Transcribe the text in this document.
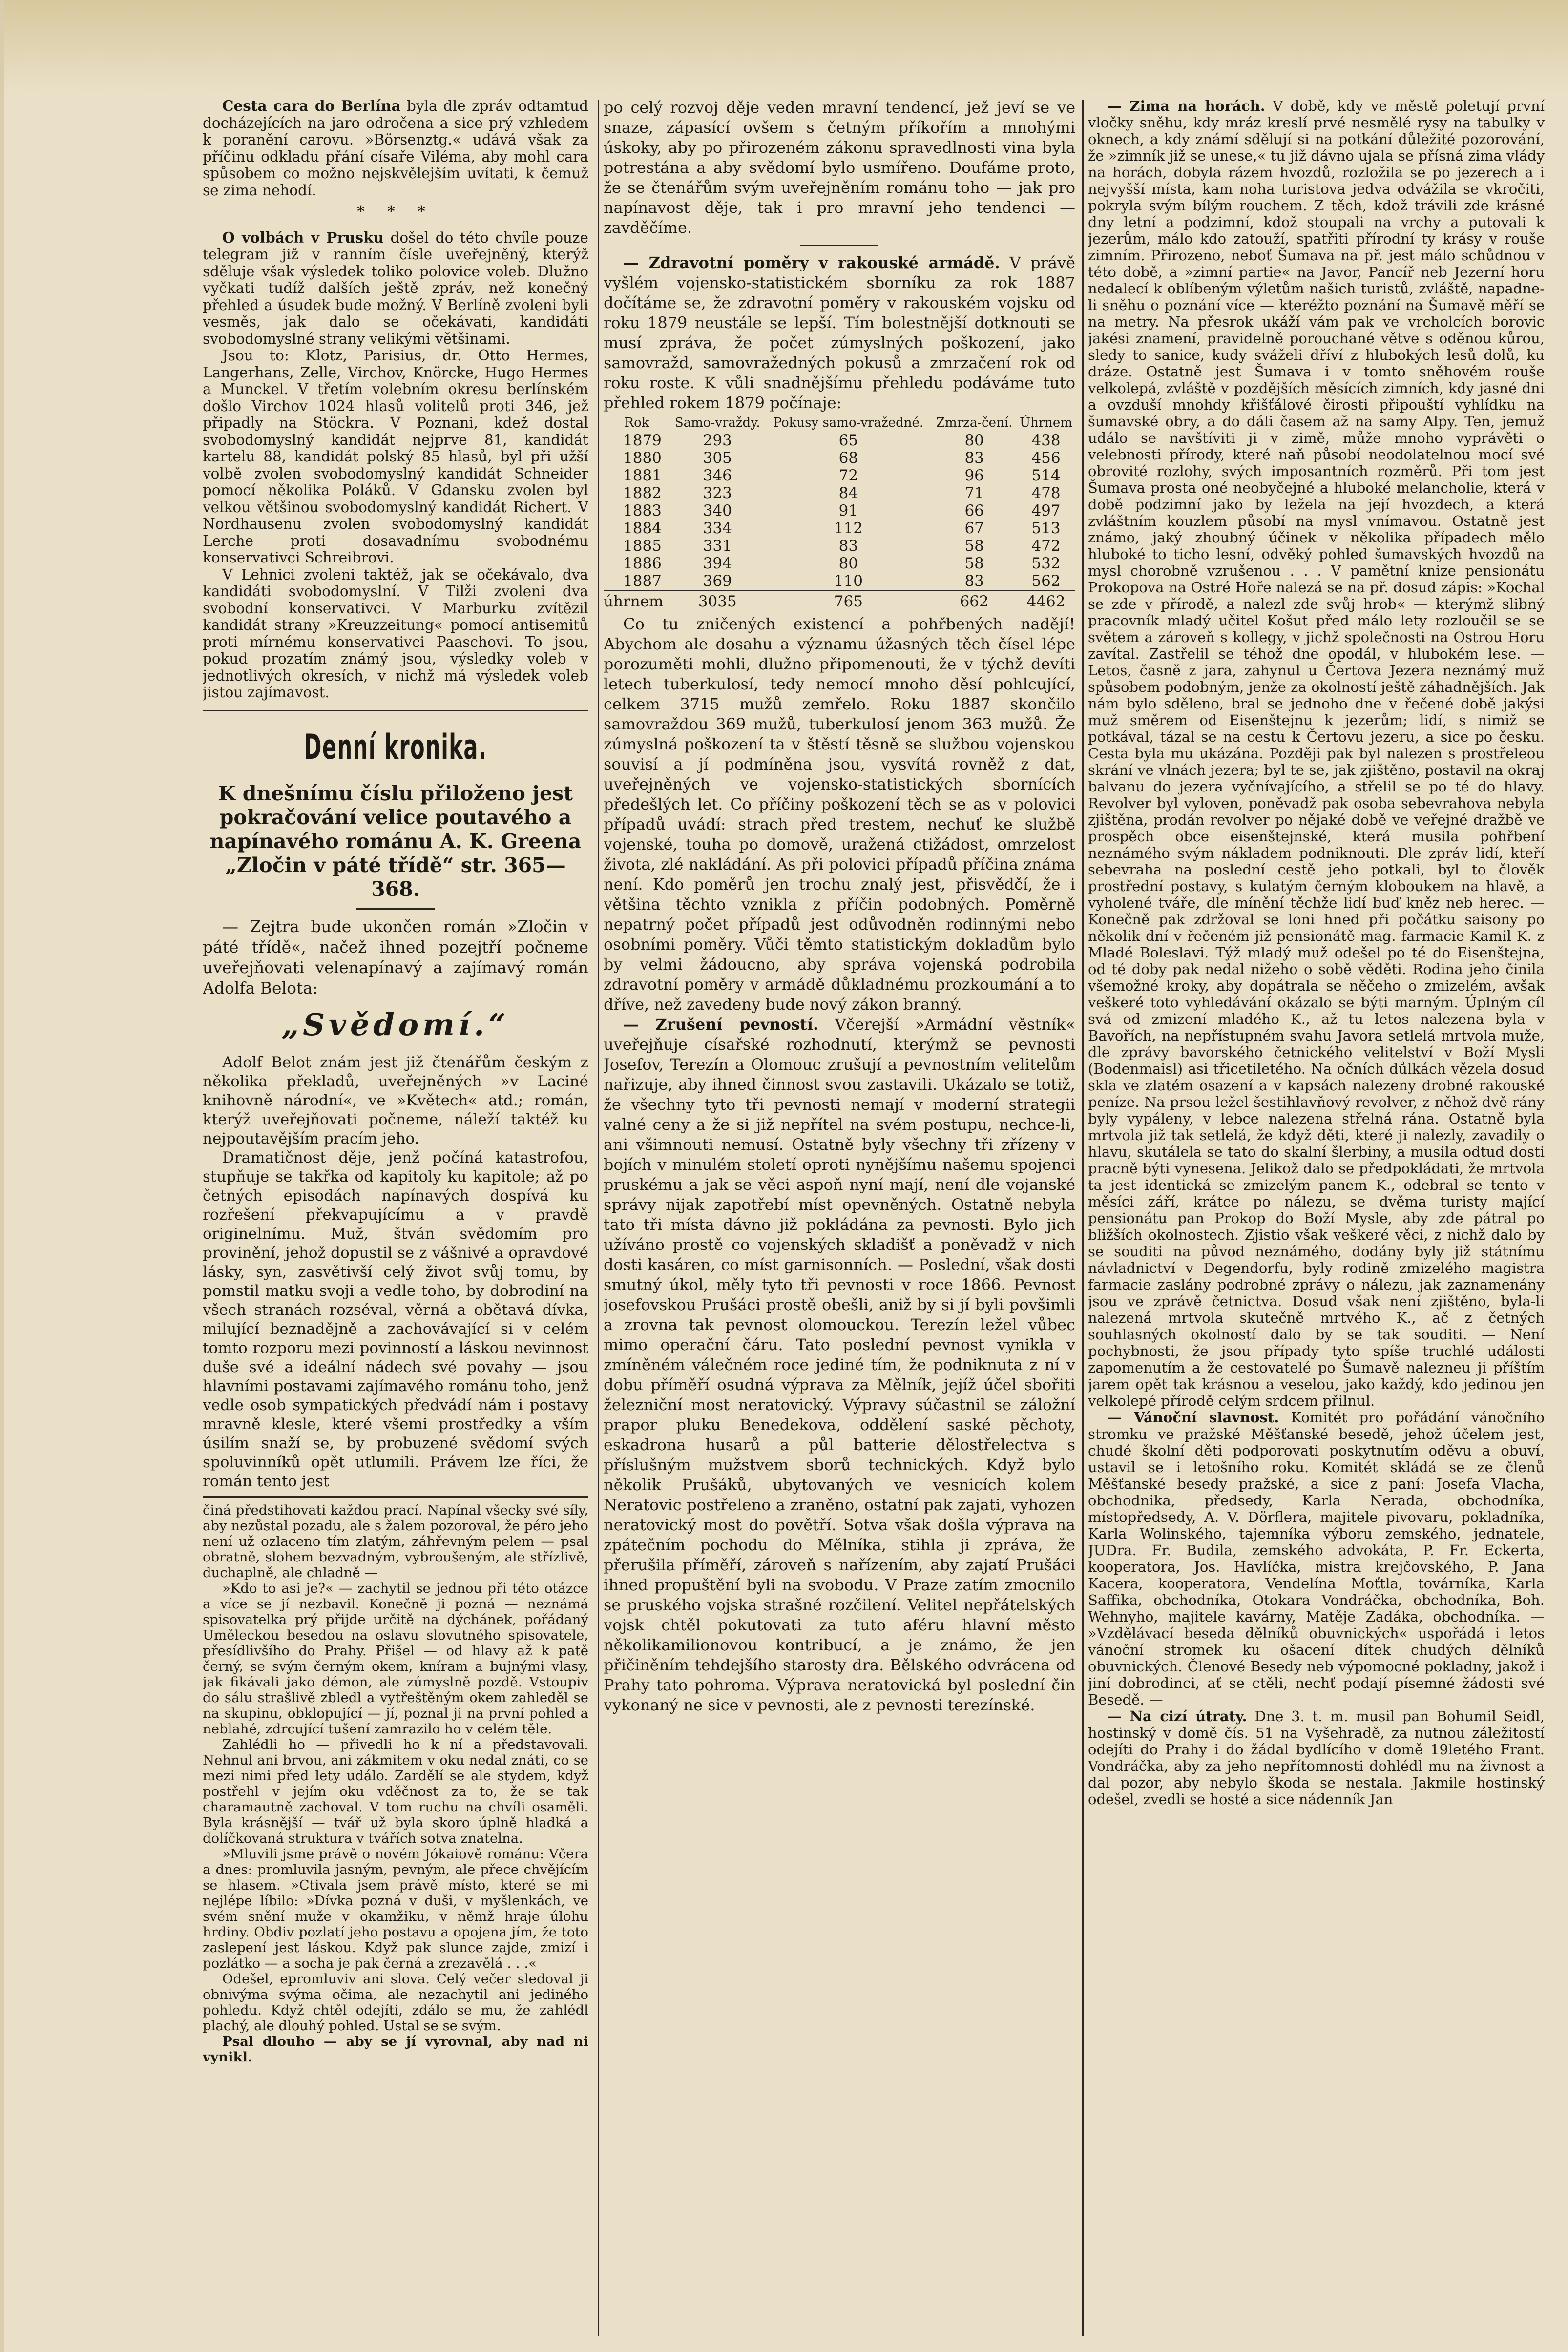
Cesta cara do Berlína byla dle zpráv odtamtud docházejících na jaro odročena a sice prý vzhledem k poranění carovu. »Börsenztg.« udává však za příčinu odkladu přání císaře Viléma, aby mohl cara spůsobem co možno nejskvělejším uvítati, k čemuž se zima nehodí.

* * *

O volbách v Prusku došel do této chvíle pouze telegram již v ranním čísle uveřejněný, kterýž sděluje však výsledek toliko polovice voleb. Dlužno vyčkati tudíž dalších ještě zpráv, než konečný přehled a úsudek bude možný. V Berlíně zvoleni byli vesměs, jak dalo se očekávati, kandidáti svobodomyslné strany velikými většinami.

Jsou to: Klotz, Parisius, dr. Otto Hermes, Langerhans, Zelle, Virchov, Knörcke, Hugo Hermes a Munckel. V třetím volebním okresu berlínském došlo Virchov 1024 hlasů volitelů proti 346, jež připadly na Stöckra. V Poznani, kdež dostal svobodomyslný kandidát nejprve 81, kandidát kartelu 88, kandidát polský 85 hlasů, byl při užší volbě zvolen svobodomyslný kandidát Schneider pomocí několika Poláků. V Gdansku zvolen byl velkou většinou svobodomyslný kandidát Richert. V Nordhausenu zvolen svobodomyslný kandidát Lerche proti dosavadnímu svobodnému konservativci Schreibrovi.

V Lehnici zvoleni taktéž, jak se očekávalo, dva kandidáti svobodomyslní. V Tilži zvoleni dva svobodní konservativci. V Marburku zvítězil kandidát strany »Kreuzzeitung« pomocí antisemitů proti mírnému konservativci Paaschovi. To jsou, pokud prozatím známý jsou, výsledky voleb v jednotlivých okresích, v nichž má výsledek voleb jistou zajímavost.

Denní kronika.

K dnešnímu číslu přiloženo jest pokračování velice poutavého a napínavého románu A. K. Greena „Zločin v páté třídě“ str. 365—368.

— Zejtra bude ukončen román »Zločin v páté třídě«, načež ihned pozejtří počneme uveřejňovati velenapínavý a zajímavý román Adolfa Belota:

„Svědomí.“

Adolf Belot znám jest již čtenářům českým z několika překladů, uveřejněných »v Laciné knihovně národní«, ve »Květech« atd.; román, kterýž uveřejňovati počneme, náleží taktéž ku nejpoutavějším pracím jeho.

Dramatičnost děje, jenž počíná katastrofou, stupňuje se takřka od kapitoly ku kapitole; až po četných episodách napínavých dospívá ku rozřešení překvapujícímu a v pravdě originelnímu. Muž, štván svědomím pro provinění, jehož dopustil se z vášnivé a opravdové lásky, syn, zasvětivší celý život svůj tomu, by pomstil matku svoji a vedle toho, by dobrodiní na všech stranách rozséval, věrná a obětavá dívka, milující beznadějně a zachovávající si v celém tomto rozporu mezi povinností a láskou nevinnost duše své a ideální nádech své povahy — jsou hlavními postavami zajímavého románu toho, jenž vedle osob sympatických předvádí nám i postavy mravně klesle, které všemi prostředky a vším úsilím snaží se, by probuzené svědomí svých spoluvinníků opět utlumili. Právem lze říci, že román tento jest

činá předstihovati každou prací. Napínal všecky své síly, aby nezůstal pozadu, ale s žalem pozoroval, že péro jeho není už ozlaceno tím zlatým, záhřevným pelem — psal obratně, slohem bezvadným, vybroušeným, ale střízlivě, duchaplně, ale chladně —

»Kdo to asi je?« — zachytil se jednou při této otázce a více se jí nezbavil. Konečně ji pozná — neznámá spisovatelka prý přijde určitě na dýchánek, pořádaný Uměleckou besedou na oslavu slovutného spisovatele, přesídlivšího do Prahy. Přišel — od hlavy až k patě černý, se svým černým okem, kníram a bujnými vlasy, jak fikávali jako démon, ale zúmyslně pozdě. Vstoupiv do sálu strašlivě zbledl a vytřeštěným okem zahleděl se na skupinu, obklopující — jí, poznal ji na první pohled a neblahé, zdrcující tušení zamrazilo ho v celém těle.

Zahlédli ho — přivedli ho k ní a představovali. Nehnul ani brvou, ani zákmitem v oku nedal znáti, co se mezi nimi před lety událo. Zardělí se ale stydem, když postřehl v jejím oku vděčnost za to, že se tak charamautně zachoval. V tom ruchu na chvíli osaměli. Byla krásnější — tvář už byla skoro úplně hladká a dolíčkovaná struktura v tvářích sotva znatelna.

»Mluvili jsme právě o novém Jókaiově románu: Včera a dnes: promluvila jasným, pevným, ale přece chvějícím se hlasem. »Ctivala jsem právě místo, které se mi nejlépe líbilo: »Dívka pozná v duši, v myšlenkách, ve svém snění muže v okamžiku, v němž hraje úlohu hrdiny. Obdiv pozlatí jeho postavu a opojena jím, že toto zaslepení jest láskou. Když pak slunce zajde, zmizí i pozlátko — a socha je pak černá a zrezavělá . . .«

Odešel, epromluviv ani slova. Celý večer sledoval ji obnivýma svýma očima, ale nezachytil ani jediného pohledu. Když chtěl odejíti, zdálo se mu, že zahlédl plachý, ale dlouhý pohled. Ustal se se svým.

Psal dlouho — aby se jí vyrovnal, aby nad ni vynikl.

po celý rozvoj děje veden mravní tendencí, jež jeví se ve snaze, zápasící ovšem s četným příkořím a mnohými úskoky, aby po přirozeném zákonu spravedlnosti vina byla potrestána a aby svědomí bylo usmířeno. Doufáme proto, že se čtenářům svým uveřejněním románu toho — jak pro napínavost děje, tak i pro mravní jeho tendenci — zavděčíme.

— Zdravotní poměry v rakouské armádě. V právě vyšlém vojensko-statistickém sborníku za rok 1887 dočítáme se, že zdravotní poměry v rakouském vojsku od roku 1879 neustále se lepší. Tím bolestnější dotknouti se musí zpráva, že počet zúmyslných poškození, jako samovražd, samovražedných pokusů a zmrzačení rok od roku roste. K vůli snadnějšímu přehledu podáváme tuto přehled rokem 1879 počínaje:

Rok	Samo-vraždy.	Pokusy samo-vražedné.	Zmrza-čení.	Úhrnem
1879	293	65	80	438
1880	305	68	83	456
1881	346	72	96	514
1882	323	84	71	478
1883	340	91	66	497
1884	334	112	67	513
1885	331	83	58	472
1886	394	80	58	532
1887	369	110	83	562
úhrnem	3035	765	662	4462

Co tu zničených existencí a pohřbených nadějí! Abychom ale dosahu a významu úžasných těch čísel lépe porozuměti mohli, dlužno připomenouti, že v týchž devíti letech tuberkulosí, tedy nemocí mnoho děsí pohlcující, celkem 3715 mužů zemřelo. Roku 1887 skončilo samovraždou 369 mužů, tuberkulosí jenom 363 mužů. Že zúmyslná poškození ta v štěstí těsně se službou vojenskou souvisí a jí podmíněna jsou, vysvítá rovněž z dat, uveřejněných ve vojensko-statistických sbornících předešlých let. Co příčiny poškození těch se as v polovici případů uvádí: strach před trestem, nechuť ke službě vojenské, touha po domově, uražená ctižádost, omrzelost života, zlé nakládání. As při polovici případů příčina známa není. Kdo poměrů jen trochu znalý jest, přisvědčí, že i většina těchto vznikla z příčin podobných. Poměrně nepatrný počet případů jest odůvodněn rodinnými nebo osobními poměry. Vůči těmto statistickým dokladům bylo by velmi žádoucno, aby správa vojenská podrobila zdravotní poměry v armádě důkladnému prozkoumání a to dříve, než zavedeny bude nový zákon branný.

— Zrušení pevností. Včerejší »Armádní věstník« uveřejňuje císařské rozhodnutí, kterýmž se pevnosti Josefov, Terezín a Olomouc zrušují a pevnostním velitelům nařizuje, aby ihned činnost svou zastavili. Ukázalo se totiž, že všechny tyto tři pevnosti nemají v moderní strategii valné ceny a že si již nepřítel na svém postupu, nechce-li, ani všimnouti nemusí. Ostatně byly všechny tři zřízeny v bojích v minulém století oproti nynějšímu našemu spojenci pruskému a jak se věci aspoň nyní mají, není dle vojanské správy nijak zapotřebí míst opevněných. Ostatně nebyla tato tři místa dávno již pokládána za pevnosti. Bylo jich užíváno prostě co vojenských skladišť a poněvadž v nich dosti kasáren, co míst garnisonních. — Poslední, však dosti smutný úkol, měly tyto tři pevnosti v roce 1866. Pevnost josefovskou Prušáci prostě obešli, aniž by si jí byli povšimli a zrovna tak pevnost olomouckou. Terezín ležel vůbec mimo operační čáru. Tato poslední pevnost vynikla v zmíněném válečném roce jediné tím, že podniknuta z ní v dobu příměří osudná výprava za Mělník, jejíž účel sbořiti železniční most neratovický. Výpravy súčastnil se záložní prapor pluku Benedekova, oddělení saské pěchoty, eskadrona husarů a půl batterie dělostřelectva s příslušným mužstvem sborů technických. Když bylo několik Prušáků, ubytovaných ve vesnicích kolem Neratovic postřeleno a zraněno, ostatní pak zajati, vyhozen neratovický most do povětří. Sotva však došla výprava na zpátečním pochodu do Mělníka, stihla ji zpráva, že přerušila příměří, zároveň s nařízením, aby zajatí Prušáci ihned propuštění byli na svobodu. V Praze zatím zmocnilo se pruského vojska strašné rozčilení. Velitel nepřátelských vojsk chtěl pokutovati za tuto aféru hlavní město několikamilionovou kontribucí, a je známo, že jen přičiněním tehdejšího starosty dra. Bělského odvrácena od Prahy tato pohroma. Výprava neratovická byl poslední čin vykonaný ne sice v pevnosti, ale z pevnosti terezínské.

— Zima na horách. V době, kdy ve městě poletují první vločky sněhu, kdy mráz kreslí prvé nesmělé rysy na tabulky v oknech, a kdy známí sdělují si na potkání důležité pozorování, že »zimník již se unese,« tu již dávno ujala se přísná zima vlády na horách, dobyla rázem hvozdů, rozložila se po jezerech a i nejvyšší místa, kam noha turistova jedva odvážila se vkročiti, pokryla svým bílým rouchem. Z těch, kdož trávili zde krásné dny letní a podzimní, kdož stoupali na vrchy a putovali k jezerům, málo kdo zatouží, spatřiti přírodní ty krásy v rouše zimním. Přirozeno, neboť Šumava na př. jest málo schůdnou v této době, a »zimní partie« na Javor, Pancíř neb Jezerní horu nedalecí k oblíbeným výletům našich turistů, zvláště, napadne-li sněhu o poznání více — kteréžto poznání na Šumavě měří se na metry. Na přesrok ukáží vám pak ve vrcholcích borovic jakési znamení, pravidelně porouchané větve s oděnou kůrou, sledy to sanice, kudy sváželi dříví z hlubokých lesů dolů, ku dráze. Ostatně jest Šumava i v tomto sněhovém rouše velkolepá, zvláště v pozdějších měsících zimních, kdy jasné dni a ovzduší mnohdy křišťálové čirosti připouští vyhlídku na šumavské obry, a do dáli časem až na samy Alpy. Ten, jemuž událo se navštíviti ji v zimě, může mnoho vyprávěti o velebnosti přírody, které naň působí neodolatelnou mocí své obrovité rozlohy, svých imposantních rozměrů. Při tom jest Šumava prosta oné neobyčejné a hluboké melancholie, která v době podzimní jako by ležela na její hvozdech, a která zvláštním kouzlem působí na mysl vnímavou. Ostatně jest známo, jaký zhoubný účinek v několika případech mělo hluboké to ticho lesní, odvěký pohled šumavských hvozdů na mysl chorobně vzrušenou . . . V pamětní knize pensionátu Prokopova na Ostré Hoře nalezá se na př. dosud zápis: »Kochal se zde v přírodě, a nalezl zde svůj hrob« — kterýmž slibný pracovník mladý učitel Košut před málo lety rozloučil se se světem a zároveň s kollegy, v jichž společnosti na Ostrou Horu zavítal. Zastřelil se téhož dne opodál, v hlubokém lese. — Letos, časně z jara, zahynul u Čertova Jezera neznámý muž spůsobem podobným, jenže za okolností ještě záhadnějších. Jak nám bylo sděleno, bral se jednoho dne v řečené době jakýsi muž směrem od Eisenštejnu k jezerům; lidí, s nimiž se potkával, tázal se na cestu k Čertovu jezeru, a sice po česku. Cesta byla mu ukázána. Později pak byl nalezen s prostřeleou skrání ve vlnách jezera; byl te se, jak zjištěno, postavil na okraj balvanu do jezera vyčnívajícího, a střelil se po té do hlavy. Revolver byl vyloven, poněvadž pak osoba sebevrahova nebyla zjištěna, prodán revolver po nějaké době ve veřejné dražbě ve prospěch obce eisenštejnské, která musila pohřbení neznámého svým nákladem podniknouti. Dle zpráv lidí, kteří sebevraha na poslední cestě jeho potkali, byl to člověk prostřední postavy, s kulatým černým kloboukem na hlavě, a vyholené tváře, dle mínění těchže lidí buď kněz neb herec. — Konečně pak zdržoval se loni hned při počátku saisony po několik dní v řečeném již pensionátě mag. farmacie Kamil K. z Mladé Boleslavi. Týž mladý muž odešel po té do Eisenštejna, od té doby pak nedal nižeho o sobě věděti. Rodina jeho činila všemožné kroky, aby dopátrala se něčeho o zmizelém, avšak veškeré toto vyhledávání okázalo se býti marným. Úplným cíl svá od zmizení mladého K., až tu letos nalezena byla v Bavořích, na nepřístupném svahu Javora setlelá mrtvola muže, dle zprávy bavorského četnického velitelství v Boží Mysli (Bodenmaisl) asi třicetiletého. Na očních důlkách vězela dosud skla ve zlatém osazení a v kapsách nalezeny drobné rakouské peníze. Na prsou ležel šestihlavňový revolver, z něhož dvě rány byly vypáleny, v lebce nalezena střelná rána. Ostatně byla mrtvola již tak setlelá, že když děti, které ji nalezly, zavadily o hlavu, skutálela se tato do skalní šlerbiny, a musila odtud dosti pracně býti vynesena. Jelikož dalo se předpokládati, že mrtvola ta jest identická se zmizelým panem K., odebral se tento v měsíci září, krátce po nálezu, se dvěma turisty mající pensionátu pan Prokop do Boží Mysle, aby zde pátral po bližších okolnostech. Zjistio však veškeré věci, z nichž dalo by se souditi na původ neznámého, dodány byly již státnímu návladnictví v Degendorfu, byly rodině zmizelého magistra farmacie zaslány podrobné zprávy o nálezu, jak zaznamenány jsou ve zprávě četnictva. Dosud však není zjištěno, byla-li nalezená mrtvola skutečně mrtvého K., ač z četných souhlasných okolností dalo by se tak souditi. — Není pochybnosti, že jsou případy tyto spíše truchlé události zapomenutím a že cestovatelé po Šumavě nalezneu ji příštím jarem opět tak krásnou a veselou, jako každý, kdo jedinou jen velkolepé přírodě celým srdcem přilnul.

— Vánoční slavnost. Komitét pro pořádání vánočního stromku ve pražské Měšťanské besedě, jehož účelem jest, chudé školní děti podporovati poskytnutím oděvu a obuví, ustavil se i letošního roku. Komitét skládá se ze členů Měšťanské besedy pražské, a sice z paní: Josefa Vlacha, obchodnika, předsedy, Karla Nerada, obchodníka, místopředsedy, A. V. Dörflera, majitele pivovaru, pokladníka, Karla Wolinského, tajemníka výboru zemského, jednatele, JUDra. Fr. Budila, zemského advokáta, P. Fr. Eckerta, kooperatora, Jos. Havlíčka, mistra krejčovského, P. Jana Kacera, kooperatora, Vendelína Moťtla, továrníka, Karla Saffika, obchodníka, Otokara Vondráčka, obchodníka, Boh. Wehnyho, majitele kavárny, Matěje Zadáka, obchodníka. — »Vzdělávací beseda dělníků obuvnických« uspořádá i letos vánoční stromek ku ošacení dítek chudých dělníků obuvnických. Členové Besedy neb výpomocné pokladny, jakož i jiní dobrodinci, ať se ctěli, nechť podají písemné žádosti své Besedě. —

— Na cizí útraty. Dne 3. t. m. musil pan Bohumil Seidl, hostinský v domě čís. 51 na Vyšehradě, za nutnou záležitostí odejíti do Prahy i do žádal bydlícího v domě 19letého Frant. Vondráčka, aby za jeho nepřítomnosti dohlédl mu na živnost a dal pozor, aby nebylo škoda se nestala. Jakmile hostinský odešel, zvedli se hosté a sice nádenník Jan
